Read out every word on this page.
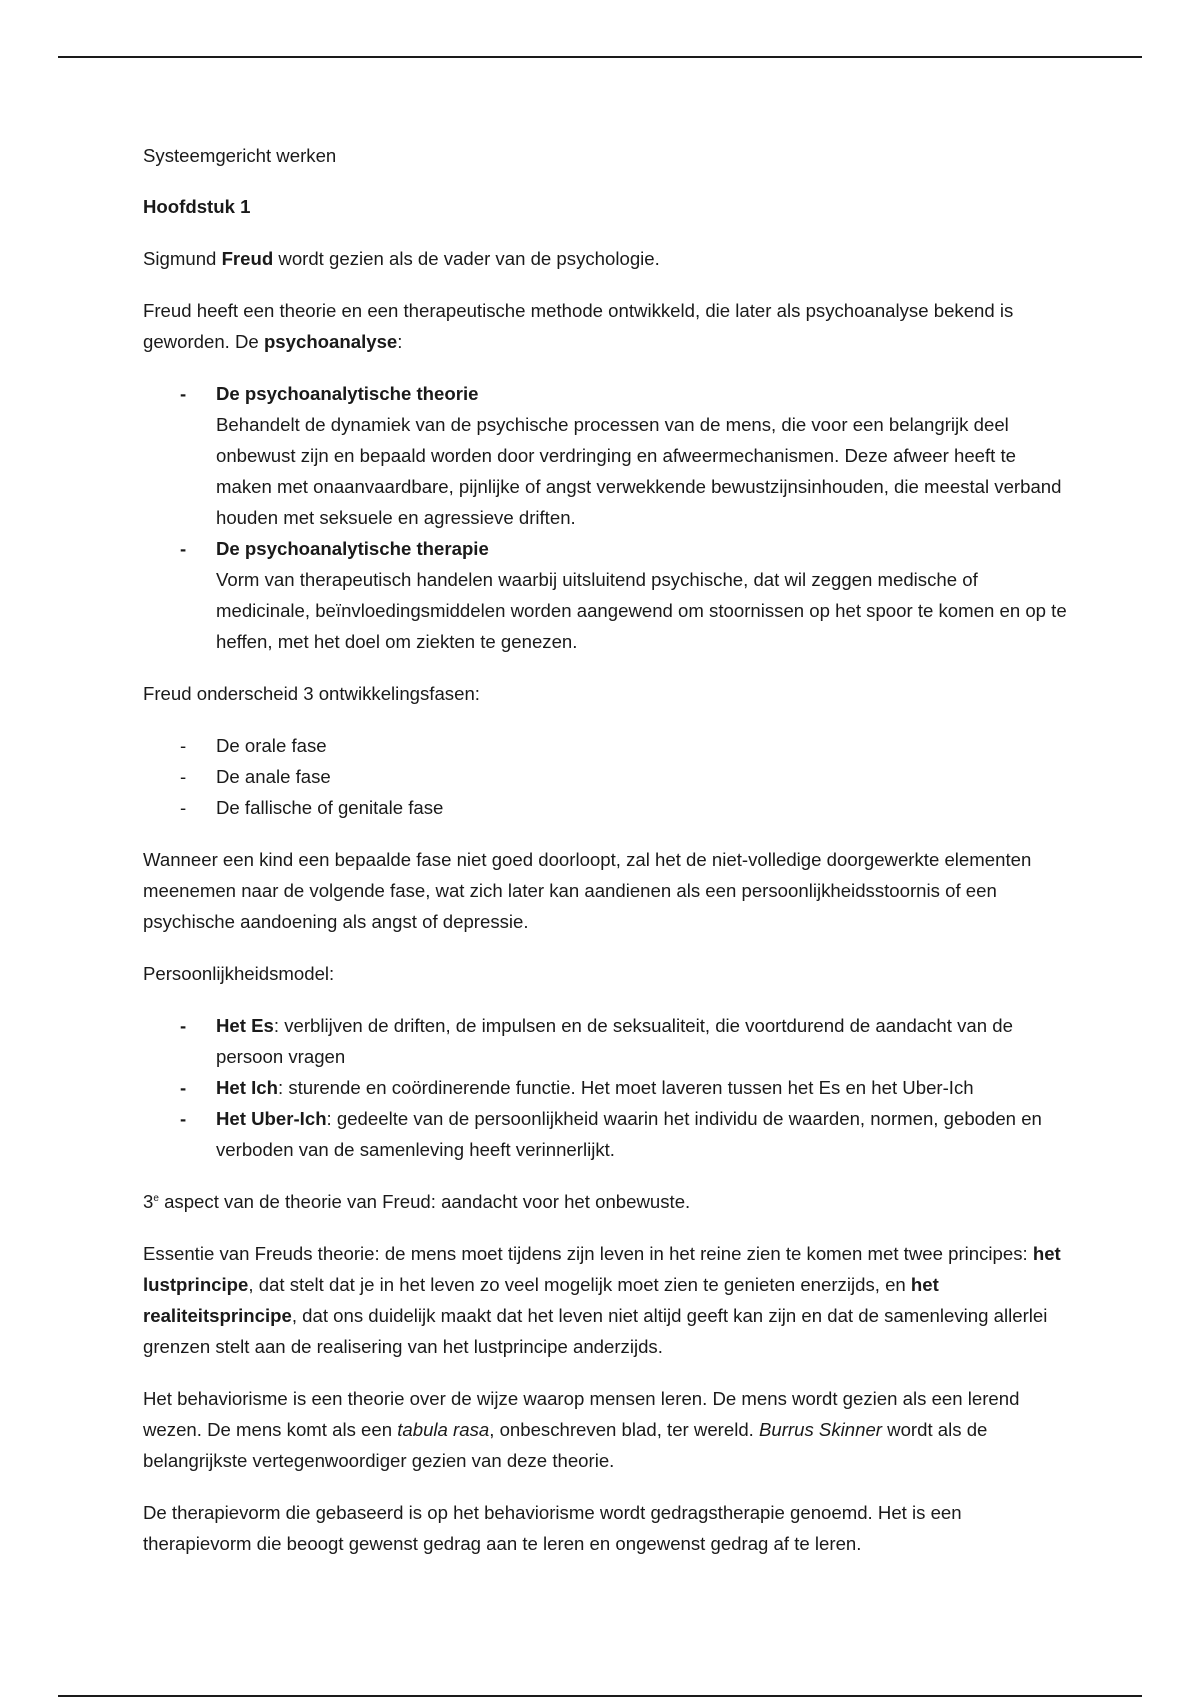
Systeemgericht werken

Hoofdstuk 1

Sigmund Freud wordt gezien als de vader van de psychologie.

Freud heeft een theorie en een therapeutische methode ontwikkeld, die later als psychoanalyse bekend is geworden. De psychoanalyse:

- De psychoanalytische theorie
Behandelt de dynamiek van de psychische processen van de mens, die voor een belangrijk deel onbewust zijn en bepaald worden door verdringing en afweermechanismen. Deze afweer heeft te maken met onaanvaardbare, pijnlijke of angst verwekkende bewustzijnsinhouden, die meestal verband houden met seksuele en agressieve driften.
- De psychoanalytische therapie
Vorm van therapeutisch handelen waarbij uitsluitend psychische, dat wil zeggen medische of medicinale, beïnvloedingsmiddelen worden aangewend om stoornissen op het spoor te komen en op te heffen, met het doel om ziekten te genezen.

Freud onderscheid 3 ontwikkelingsfasen:

- De orale fase
- De anale fase
- De fallische of genitale fase

Wanneer een kind een bepaalde fase niet goed doorloopt, zal het de niet-volledige doorgewerkte elementen meenemen naar de volgende fase, wat zich later kan aandienen als een persoonlijkheidsstoornis of een psychische aandoening als angst of depressie.

Persoonlijkheidsmodel:

- Het Es: verblijven de driften, de impulsen en de seksualiteit, die voortdurend de aandacht van de persoon vragen
- Het Ich: sturende en coördinerende functie. Het moet laveren tussen het Es en het Uber-Ich
- Het Uber-Ich: gedeelte van de persoonlijkheid waarin het individu de waarden, normen, geboden en verboden van de samenleving heeft verinnerlijkt.

3e aspect van de theorie van Freud: aandacht voor het onbewuste.

Essentie van Freuds theorie: de mens moet tijdens zijn leven in het reine zien te komen met twee principes: het lustprincipe, dat stelt dat je in het leven zo veel mogelijk moet zien te genieten enerzijds, en het realiteitsprincipe, dat ons duidelijk maakt dat het leven niet altijd geeft kan zijn en dat de samenleving allerlei grenzen stelt aan de realisering van het lustprincipe anderzijds.

Het behaviorisme is een theorie over de wijze waarop mensen leren. De mens wordt gezien als een lerend wezen. De mens komt als een tabula rasa, onbeschreven blad, ter wereld. Burrus Skinner wordt als de belangrijkste vertegenwoordiger gezien van deze theorie.

De therapievorm die gebaseerd is op het behaviorisme wordt gedragstherapie genoemd. Het is een therapievorm die beoogt gewenst gedrag aan te leren en ongewenst gedrag af te leren.
